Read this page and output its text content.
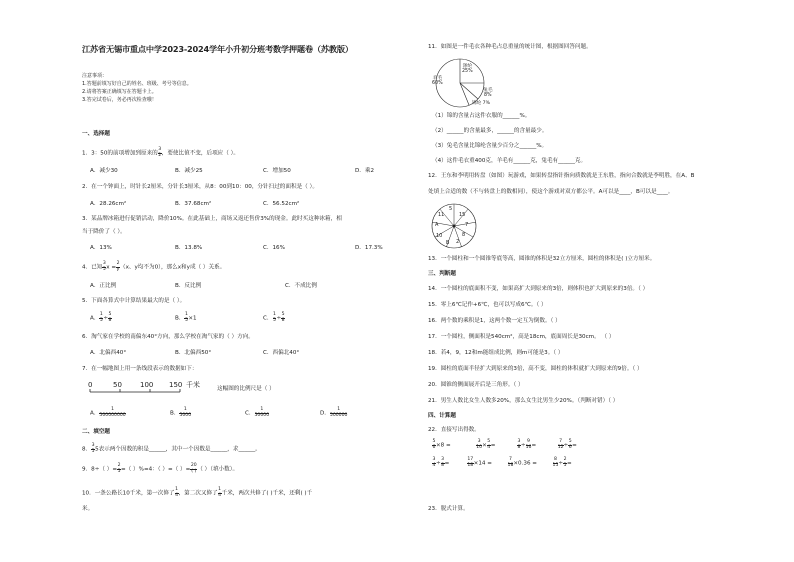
江苏省无锡市重点中学2023-2024学年小升初分班考数学押题卷（苏教版）
注意事项：
1.答题前填写好自己的姓名、班级、考号等信息。
2.请将答案正确填写在答题卡上。
3.答完试卷后，务必再次检查哦！
一、选择题
1．3：50的前项增加到原来的 $\frac{3}{2}$ ，要使比值不变，后项应（ ）。
A．减少30	B．减少25	C．增加50	D．乘2
2．在一个钟面上，时针长2厘米，分针长3厘米，从8：00到10：00，分针扫过的面积是（ ）。
A．28.26cm²	B．37.68cm²	C．56.52cm²
3．某品牌冰箱进行促销活动，降价10%。在此基础上，商场又返还售价3%的现金。此时买这种冰箱，相
当于降价了（ ）。
A．13%	B．13.8%	C．16%	D．17.3%
4．已知 $\frac{3}{5}$ $x = \frac{2}{y} (x$、y均不为0），那么x和y成（ ）关系。
A．正比例	B．反比例	C．不成比例
5．下面各算式中计算结果最大的是（ ）。
A． $\frac{1}{5} \div \frac{5}{8}$	B． $\frac{1}{5} \times 1$	C． $\frac{1}{5} \div \frac{5}{8}$
6．淘气家在学校的南偏东40°方向，那么学校在淘气家的（ ）方向。
A．北偏西40°	B．北偏西50°	C．西偏北40°
7．在一幅地图上用一条线段表示的数据如下：
0	50	100 150 千米	这幅图的比例尺是（ ）
A． $\frac{1}{500000000}$	B． $\frac{1}{5000}$	C． $\frac{1}{50000}$	D． $\frac{1}{500000}$
二、填空题
8． $\frac{3}{5} 5$表示两个因数的积是______，其中一个因数是______，求______。
9．8÷（ ）= $\frac{2}{5}$ =（ ）%=4：（ ）=（ ）= $\frac{20}{( )}$ （ ）（填小数）。
10．一条公路长10千米，第一次修了 $\frac{1}{4}$ ，第二次又修了 $\frac{1}{4}$ 千米，两次共修了( )千米，还剩( )千
米。
11．如图是一件毛衣各种毛占总重量的统计图，根据图回答问题。
羊毛
60%
涤纶
25%
兔毛
8%
锦纶 7%
（1）锦的含量占这件衣服的______%。
（2）______的含量最多，______的含量最少。
（3）兔毛含量比锦纶含量少百分之______%。
（4）这件毛衣重400克，羊毛有______克，兔毛有______克。
12．王东和李明用转盘（如图）玩游戏，如果转盘指针指向质数就是王东胜，指向合数就是李明胜，在A、B
处填上合适的数（不与转盘上的数相同），使这个游戏对双方都公平。A可以是____，B可以是____。
5
15
7
8
2
B
10
A
11
13．一个圆柱和一个圆锥等底等高，圆锥的体积是32立方厘米，圆柱的体积是( )立方厘米。
三、判断题
14．一个圆柱的底面积不变，如果高扩大到原来的3倍，则体积也扩大到原来的3倍。（ ）
15．零上6℃记作+6℃，也可以写成6℃。（ ）
16．两个数的乘积是1，这两个数一定互为倒数。（ ）
17．一个圆柱，侧面积是540cm²，高是18cm，底面周长是30cm。 （ ）
18．若4，9，12和m能组成比例，则m可能是3。（ ）
19．圆柱的底面半径扩大到原来的3倍，高不变，圆柱的体积就扩大到原来的9倍。（ ）
20．圆锥的侧面展开后是三角形。（ ）
21．男生人数比女生人数多20%，那么女生比男生少20%。（判断对错）（ ）
四、计算题
22．直接写出得数。
$\frac{5}{6} \times 8$ =	$\frac{3}{10} \times \frac{5}{4}$ =	$\frac{3}{8} \div \frac{9}{16}$ =	$\frac{7}{12} \div \frac{5}{6}$ =
$\frac{3}{4} \div \frac{3}{8}$ =	$\frac{17}{18} \times 14$ =	$\frac{7}{18} \times 0.36$ =	$\frac{8}{15} \div \frac{2}{5}$ =
23．脱式计算。
